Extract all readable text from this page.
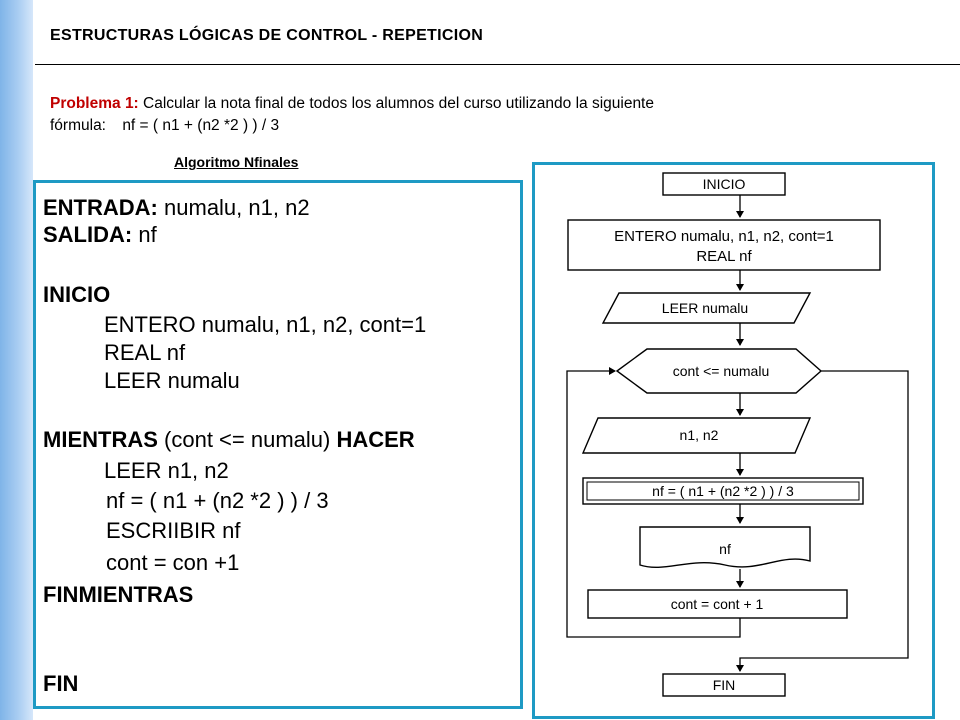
ESTRUCTURAS LÓGICAS DE CONTROL - REPETICION
Problema 1: Calcular la nota final de todos los alumnos del curso utilizando la siguiente
fórmula: nf = ( n1 + (n2 *2 ) ) / 3
Algoritmo Nfinales
ENTRADA: numalu, n1, n2
SALIDA: nf
INICIO
ENTERO numalu, n1, n2, cont=1
REAL nf
LEER numalu
MIENTRAS (cont <= numalu) HACER
LEER n1, n2
nf = ( n1 + (n2 *2 ) ) / 3
ESCRIIBIR nf
cont = con +1
FINMIENTRAS
FIN
INICIO
ENTERO numalu, n1, n2, cont=1
REAL nf
LEER numalu
cont <= numalu
n1, n2
nf = ( n1 + (n2 *2 ) ) / 3
nf
cont = cont + 1
FIN
